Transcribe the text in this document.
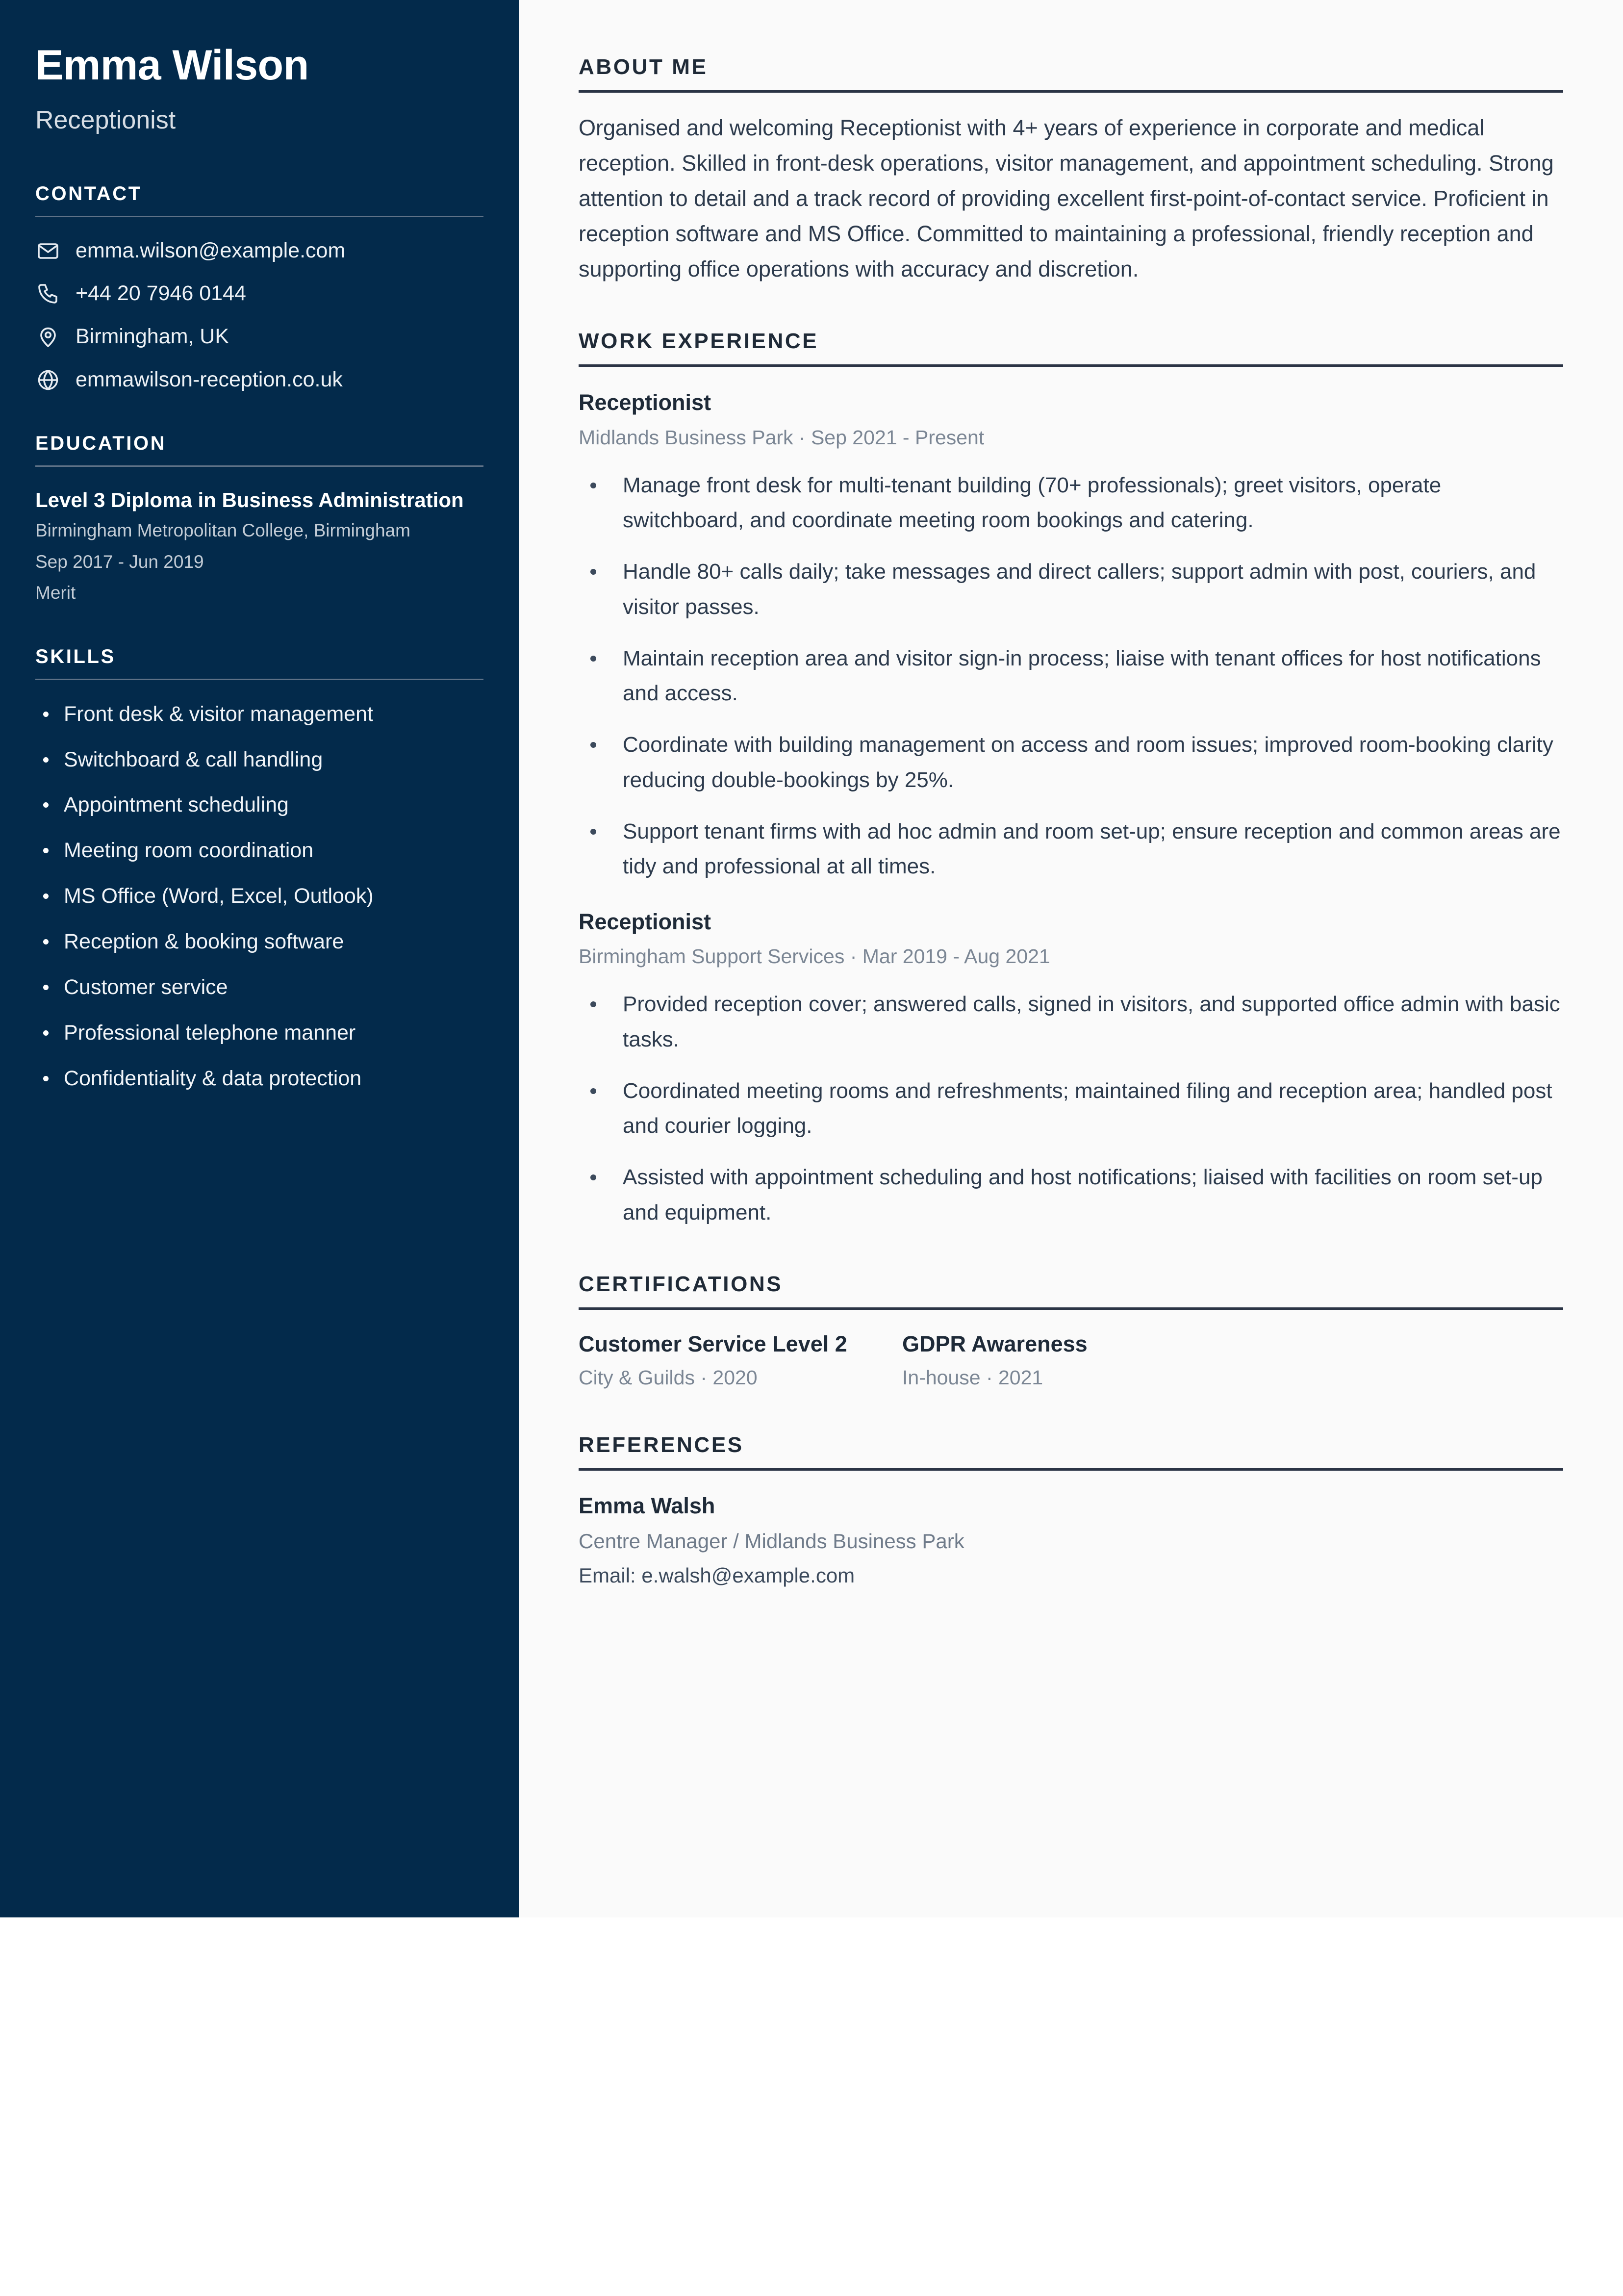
Emma Wilson
Receptionist
CONTACT
emma.wilson@example.com
+44 20 7946 0144
Birmingham, UK
emmawilson-reception.co.uk
EDUCATION
Level 3 Diploma in Business Administration
Birmingham Metropolitan College, Birmingham
Sep 2017 - Jun 2019
Merit
SKILLS
Front desk & visitor management
Switchboard & call handling
Appointment scheduling
Meeting room coordination
MS Office (Word, Excel, Outlook)
Reception & booking software
Customer service
Professional telephone manner
Confidentiality & data protection
ABOUT ME

Organised and welcoming Receptionist with 4+ years of experience in corporate and medical reception. Skilled in front-desk operations, visitor management, and appointment scheduling. Strong attention to detail and a track record of providing excellent first-point-of-contact service. Proficient in reception software and MS Office. Committed to maintaining a professional, friendly reception and supporting office operations with accuracy and discretion.

WORK EXPERIENCE
Receptionist
Midlands Business Park · Sep 2021 - Present
Manage front desk for multi-tenant building (70+ professionals); greet visitors, operate switchboard, and coordinate meeting room bookings and catering.
Handle 80+ calls daily; take messages and direct callers; support admin with post, couriers, and visitor passes.
Maintain reception area and visitor sign-in process; liaise with tenant offices for host notifications and access.
Coordinate with building management on access and room issues; improved room-booking clarity reducing double-bookings by 25%.
Support tenant firms with ad hoc admin and room set-up; ensure reception and common areas are tidy and professional at all times.
Receptionist
Birmingham Support Services · Mar 2019 - Aug 2021
Provided reception cover; answered calls, signed in visitors, and supported office admin with basic tasks.
Coordinated meeting rooms and refreshments; maintained filing and reception area; handled post and courier logging.
Assisted with appointment scheduling and host notifications; liaised with facilities on room set-up and equipment.
CERTIFICATIONS
Customer Service Level 2
City & Guilds · 2020
GDPR Awareness
In-house · 2021
REFERENCES
Emma Walsh
Centre Manager / Midlands Business Park
Email: e.walsh@example.com
